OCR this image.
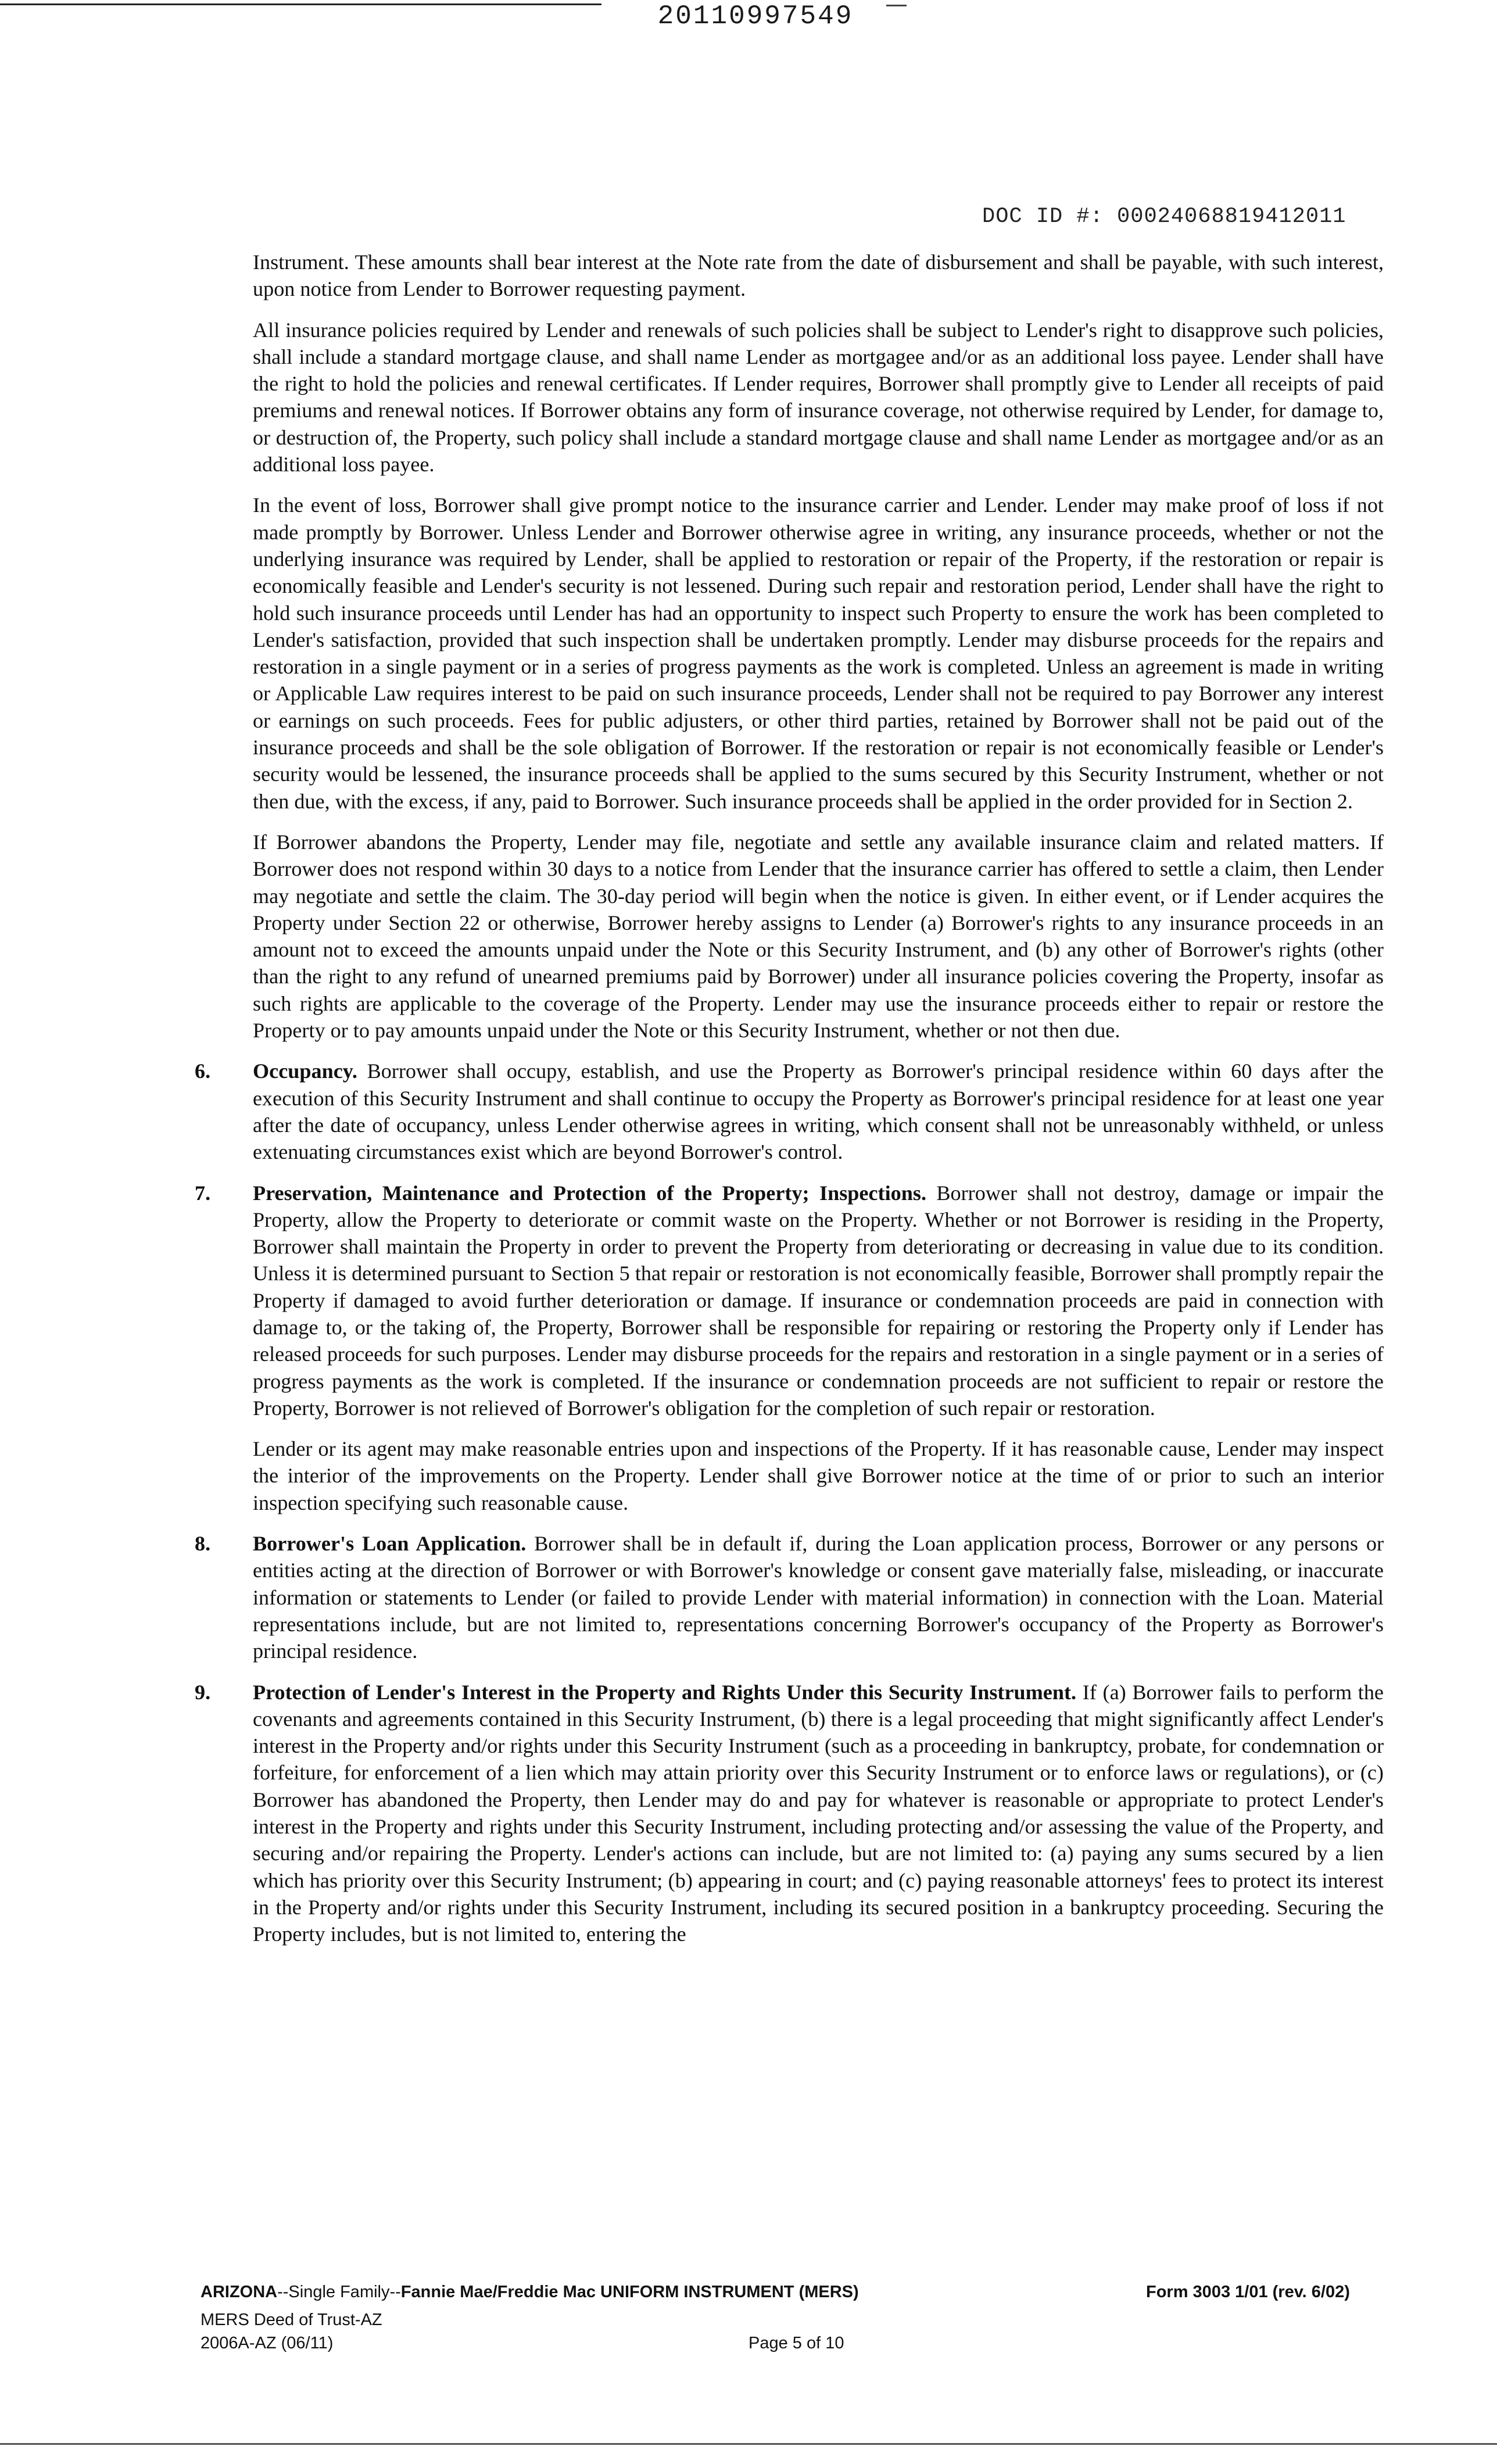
20110997549
DOC ID #: 00024068819412011

Instrument. These amounts shall bear interest at the Note rate from the date of disbursement and shall be payable, with such interest, upon notice from Lender to Borrower requesting payment.

All insurance policies required by Lender and renewals of such policies shall be subject to Lender's right to disapprove such policies, shall include a standard mortgage clause, and shall name Lender as mortgagee and/or as an additional loss payee. Lender shall have the right to hold the policies and renewal certificates. If Lender requires, Borrower shall promptly give to Lender all receipts of paid premiums and renewal notices. If Borrower obtains any form of insurance coverage, not otherwise required by Lender, for damage to, or destruction of, the Property, such policy shall include a standard mortgage clause and shall name Lender as mortgagee and/or as an additional loss payee.

In the event of loss, Borrower shall give prompt notice to the insurance carrier and Lender. Lender may make proof of loss if not made promptly by Borrower. Unless Lender and Borrower otherwise agree in writing, any insurance proceeds, whether or not the underlying insurance was required by Lender, shall be applied to restoration or repair of the Property, if the restoration or repair is economically feasible and Lender's security is not lessened. During such repair and restoration period, Lender shall have the right to hold such insurance proceeds until Lender has had an opportunity to inspect such Property to ensure the work has been completed to Lender's satisfaction, provided that such inspection shall be undertaken promptly. Lender may disburse proceeds for the repairs and restoration in a single payment or in a series of progress payments as the work is completed. Unless an agreement is made in writing or Applicable Law requires interest to be paid on such insurance proceeds, Lender shall not be required to pay Borrower any interest or earnings on such proceeds. Fees for public adjusters, or other third parties, retained by Borrower shall not be paid out of the insurance proceeds and shall be the sole obligation of Borrower. If the restoration or repair is not economically feasible or Lender's security would be lessened, the insurance proceeds shall be applied to the sums secured by this Security Instrument, whether or not then due, with the excess, if any, paid to Borrower. Such insurance proceeds shall be applied in the order provided for in Section 2.

If Borrower abandons the Property, Lender may file, negotiate and settle any available insurance claim and related matters. If Borrower does not respond within 30 days to a notice from Lender that the insurance carrier has offered to settle a claim, then Lender may negotiate and settle the claim. The 30-day period will begin when the notice is given. In either event, or if Lender acquires the Property under Section 22 or otherwise, Borrower hereby assigns to Lender (a) Borrower's rights to any insurance proceeds in an amount not to exceed the amounts unpaid under the Note or this Security Instrument, and (b) any other of Borrower's rights (other than the right to any refund of unearned premiums paid by Borrower) under all insurance policies covering the Property, insofar as such rights are applicable to the coverage of the Property. Lender may use the insurance proceeds either to repair or restore the Property or to pay amounts unpaid under the Note or this Security Instrument, whether or not then due.

6. Occupancy. Borrower shall occupy, establish, and use the Property as Borrower's principal residence within 60 days after the execution of this Security Instrument and shall continue to occupy the Property as Borrower's principal residence for at least one year after the date of occupancy, unless Lender otherwise agrees in writing, which consent shall not be unreasonably withheld, or unless extenuating circumstances exist which are beyond Borrower's control.

7. Preservation, Maintenance and Protection of the Property; Inspections. Borrower shall not destroy, damage or impair the Property, allow the Property to deteriorate or commit waste on the Property. Whether or not Borrower is residing in the Property, Borrower shall maintain the Property in order to prevent the Property from deteriorating or decreasing in value due to its condition. Unless it is determined pursuant to Section 5 that repair or restoration is not economically feasible, Borrower shall promptly repair the Property if damaged to avoid further deterioration or damage. If insurance or condemnation proceeds are paid in connection with damage to, or the taking of, the Property, Borrower shall be responsible for repairing or restoring the Property only if Lender has released proceeds for such purposes. Lender may disburse proceeds for the repairs and restoration in a single payment or in a series of progress payments as the work is completed. If the insurance or condemnation proceeds are not sufficient to repair or restore the Property, Borrower is not relieved of Borrower's obligation for the completion of such repair or restoration.

Lender or its agent may make reasonable entries upon and inspections of the Property. If it has reasonable cause, Lender may inspect the interior of the improvements on the Property. Lender shall give Borrower notice at the time of or prior to such an interior inspection specifying such reasonable cause.

8. Borrower's Loan Application. Borrower shall be in default if, during the Loan application process, Borrower or any persons or entities acting at the direction of Borrower or with Borrower's knowledge or consent gave materially false, misleading, or inaccurate information or statements to Lender (or failed to provide Lender with material information) in connection with the Loan. Material representations include, but are not limited to, representations concerning Borrower's occupancy of the Property as Borrower's principal residence.

9. Protection of Lender's Interest in the Property and Rights Under this Security Instrument. If (a) Borrower fails to perform the covenants and agreements contained in this Security Instrument, (b) there is a legal proceeding that might significantly affect Lender's interest in the Property and/or rights under this Security Instrument (such as a proceeding in bankruptcy, probate, for condemnation or forfeiture, for enforcement of a lien which may attain priority over this Security Instrument or to enforce laws or regulations), or (c) Borrower has abandoned the Property, then Lender may do and pay for whatever is reasonable or appropriate to protect Lender's interest in the Property and rights under this Security Instrument, including protecting and/or assessing the value of the Property, and securing and/or repairing the Property. Lender's actions can include, but are not limited to: (a) paying any sums secured by a lien which has priority over this Security Instrument; (b) appearing in court; and (c) paying reasonable attorneys' fees to protect its interest in the Property and/or rights under this Security Instrument, including its secured position in a bankruptcy proceeding. Securing the Property includes, but is not limited to, entering the

ARIZONA--Single Family--Fannie Mae/Freddie Mac UNIFORM INSTRUMENT (MERS)	Form 3003 1/01 (rev. 6/02)
MERS Deed of Trust-AZ
2006A-AZ (06/11)	Page 5 of 10
